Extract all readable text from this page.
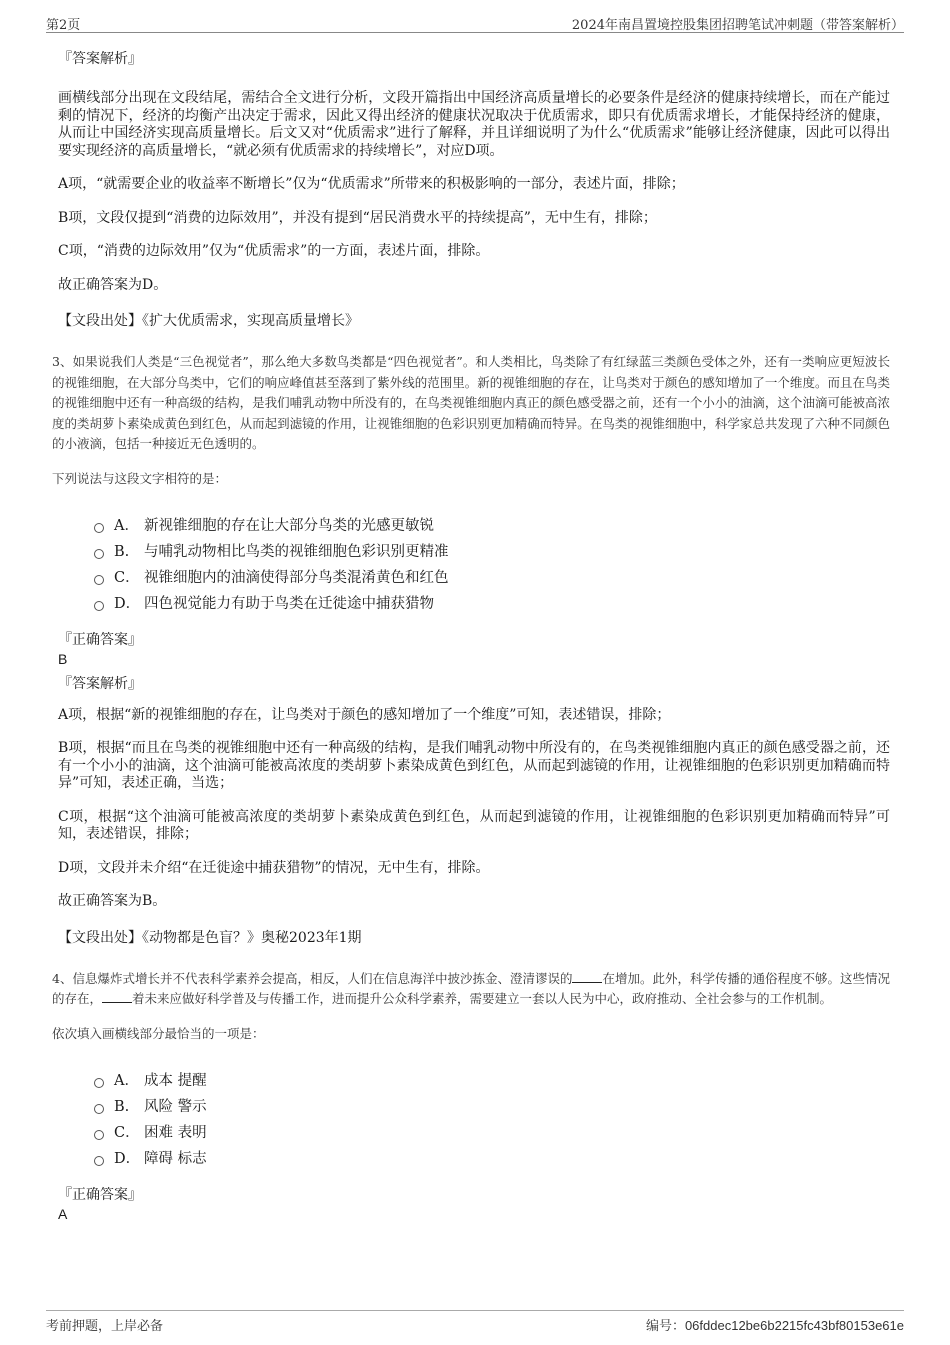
第2页	2024年南昌置境控股集团招聘笔试冲刺题（带答案解析）
『答案解析』
画横线部分出现在文段结尾，需结合全文进行分析，文段开篇指出中国经济高质量增长的必要条件是经济的健康持续增长，而在产能过剩的情况下，经济的均衡产出决定于需求，因此又得出经济的健康状况取决于优质需求，即只有优质需求增长，才能保持经济的健康，从而让中国经济实现高质量增长。后文又对“优质需求”进行了解释，并且详细说明了为什么“优质需求”能够让经济健康，因此可以得出要实现经济的高质量增长，“就必须有优质需求的持续增长”，对应D项。
A项，“就需要企业的收益率不断增长”仅为“优质需求”所带来的积极影响的一部分，表述片面，排除；
B项，文段仅提到“消费的边际效用”，并没有提到“居民消费水平的持续提高”，无中生有，排除；
C项，“消费的边际效用”仅为“优质需求”的一方面，表述片面，排除。
故正确答案为D。
【文段出处】《扩大优质需求，实现高质量增长》
3、如果说我们人类是“三色视觉者”，那么绝大多数鸟类都是“四色视觉者”。和人类相比，鸟类除了有红绿蓝三类颜色受体之外，还有一类响应更短波长的视锥细胞，在大部分鸟类中，它们的响应峰值甚至落到了紫外线的范围里。新的视锥细胞的存在，让鸟类对于颜色的感知增加了一个维度。而且在鸟类的视锥细胞中还有一种高级的结构，是我们哺乳动物中所没有的，在鸟类视锥细胞内真正的颜色感受器之前，还有一个小小的油滴，这个油滴可能被高浓度的类胡萝卜素染成黄色到红色，从而起到滤镜的作用，让视锥细胞的色彩识别更加精确而特异。在鸟类的视锥细胞中，科学家总共发现了六种不同颜色的小液滴，包括一种接近无色透明的。
下列说法与这段文字相符的是：
A． 新视锥细胞的存在让大部分鸟类的光感更敏锐
B. 与哺乳动物相比鸟类的视锥细胞色彩识别更精准
C． 视锥细胞内的油滴使得部分鸟类混淆黄色和红色
D． 四色视觉能力有助于鸟类在迁徙途中捕获猎物
『正确答案』
B
『答案解析』
A项，根据“新的视锥细胞的存在，让鸟类对于颜色的感知增加了一个维度”可知，表述错误，排除；
B项，根据“而且在鸟类的视锥细胞中还有一种高级的结构，是我们哺乳动物中所没有的，在鸟类视锥细胞内真正的颜色感受器之前，还有一个小小的油滴，这个油滴可能被高浓度的类胡萝卜素染成黄色到红色，从而起到滤镜的作用，让视锥细胞的色彩识别更加精确而特异”可知，表述正确，当选；
C项，根据“这个油滴可能被高浓度的类胡萝卜素染成黄色到红色，从而起到滤镜的作用，让视锥细胞的色彩识别更加精确而特异”可知，表述错误，排除；
D项，文段并未介绍“在迁徙途中捕获猎物”的情况，无中生有，排除。
故正确答案为B。
【文段出处】《动物都是色盲？》奥秘2023年1期
4、信息爆炸式增长并不代表科学素养会提高，相反，人们在信息海洋中披沙拣金、澄清谬误的 在增加。此外，科学传播的通俗程度不够。这些情况的存在， 着未来应做好科学普及与传播工作，进而提升公众科学素养，需要建立一套以人民为中心，政府推动、全社会参与的工作机制。
依次填入画横线部分最恰当的一项是：
A． 成本 提醒
B. 风险 警示
C． 困难 表明
D． 障碍 标志
『正确答案』
A
考前押题，上岸必备	编号：06fddec12be6b2215fc43bf80153e61e
